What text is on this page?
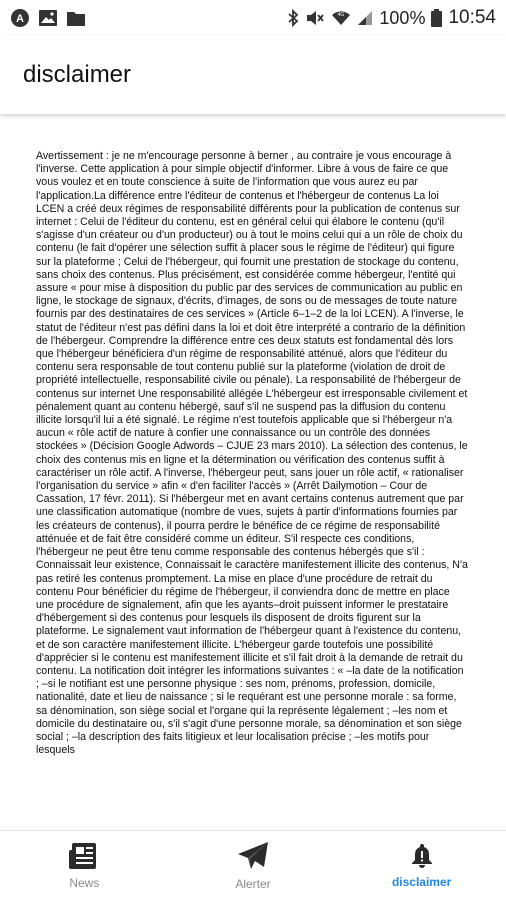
A	4G 100% 10:54
disclaimer
Avertissement : je ne m'encourage personne à berner , au contraire je vous encourage à l'inverse. Cette application à pour simple objectif d'informer. Libre à vous de faire ce que vous voulez et en toute conscience à suite de l'information que vous aurez eu par l'application.La différence entre l'éditeur de contenus et l'hébergeur de contenus La loi LCEN a créé deux régimes de responsabilité différents pour la publication de contenus sur internet : Celui de l'éditeur du contenu, est en général celui qui élabore le contenu (qu'il s'agisse d'un créateur ou d'un producteur) ou à tout le moins celui qui a un rôle de choix du contenu (le fait d'opérer une sélection suffit à placer sous le régime de l'éditeur) qui figure sur la plateforme ; Celui de l'hébergeur, qui fournit une prestation de stockage du contenu, sans choix des contenus. Plus précisément, est considérée comme hébergeur, l'entité qui assure « pour mise à disposition du public par des services de communication au public en ligne, le stockage de signaux, d'écrits, d'images, de sons ou de messages de toute nature fournis par des destinataires de ces services » (Article 6–1–2 de la loi LCEN). A l'inverse, le statut de l'éditeur n'est pas défini dans la loi et doit être interprété a contrario de la définition de l'hébergeur. Comprendre la différence entre ces deux statuts est fondamental dès lors que l'hébergeur bénéficiera d'un régime de responsabilité atténué, alors que l'éditeur du contenu sera responsable de tout contenu publié sur la plateforme (violation de droit de propriété intellectuelle, responsabilité civile ou pénale). La responsabilité de l'hébergeur de contenus sur internet Une responsabilité allégée L'hébergeur est irresponsable civilement et pénalement quant au contenu hébergé, sauf s'il ne suspend pas la diffusion du contenu illicite lorsqu'il lui a été signalé. Le régime n'est toutefois applicable que si l'hébergeur n'a aucun « rôle actif de nature à confier une connaissance ou un contrôle des données stockées » (Décision Google Adwords – CJUE 23 mars 2010). La sélection des contenus, le choix des contenus mis en ligne et la détermination ou vérification des contenus suffit à caractériser un rôle actif. A l'inverse, l'hébergeur peut, sans jouer un rôle actif, « rationaliser l'organisation du service » afin « d'en faciliter l'accès » (Arrêt Dailymotion – Cour de Cassation, 17 févr. 2011). Si l'hébergeur met en avant certains contenus autrement que par une classification automatique (nombre de vues, sujets à partir d'informations fournies par les créateurs de contenus), il pourra perdre le bénéfice de ce régime de responsabilité atténuée et de fait être considéré comme un éditeur. S'il respecte ces conditions, l'hébergeur ne peut être tenu comme responsable des contenus hébergés que s'il : Connaissait leur existence, Connaissait le caractère manifestement illicite des contenus, N'a pas retiré les contenus promptement. La mise en place d'une procédure de retrait du contenu Pour bénéficier du régime de l'hébergeur, il conviendra donc de mettre en place une procédure de signalement, afin que les ayants–droit puissent informer le prestataire d'hébergement si des contenus pour lesquels ils disposent de droits figurent sur la plateforme. Le signalement vaut information de l'hébergeur quant à l'existence du contenu, et de son caractère manifestement illicite. L'hébergeur garde toutefois une possibilité d'apprécier si le contenu est manifestement illicite et s'il fait droit à la demande de retrait du contenu. La notification doit intégrer les informations suivantes : « –la date de la notification ; –si le notifiant est une personne physique : ses nom, prénoms, profession, domicile, nationalité, date et lieu de naissance ; si le requérant est une personne morale : sa forme, sa dénomination, son siège social et l'organe qui la représente légalement ; –les nom et domicile du destinataire ou, s'il s'agit d'une personne morale, sa dénomination et son siège social ; –la description des faits litigieux et leur localisation précise ; –les motifs pour lesquels
News	Alerter	disclaimer
